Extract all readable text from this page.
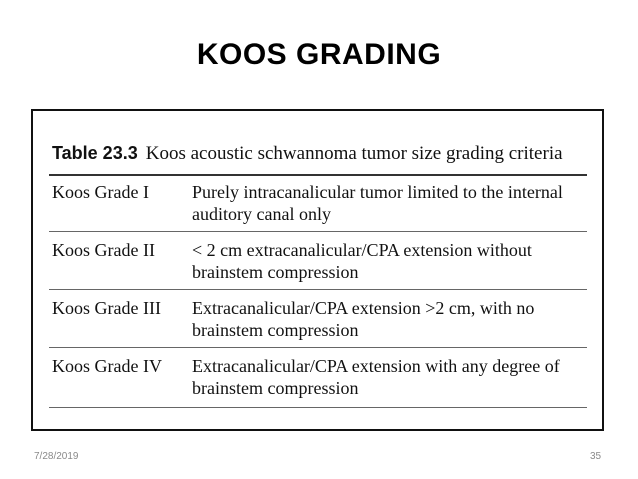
KOOS GRADING
Table 23.3 Koos acoustic schwannoma tumor size grading criteria
Koos Grade I	Purely intracanalicular tumor limited to the internal auditory canal only
Koos Grade II	< 2 cm extracanalicular/CPA extension without brainstem compression
Koos Grade III	Extracanalicular/CPA extension >2 cm, with no brainstem compression
Koos Grade IV	Extracanalicular/CPA extension with any degree of brainstem compression
7/28/2019	35
